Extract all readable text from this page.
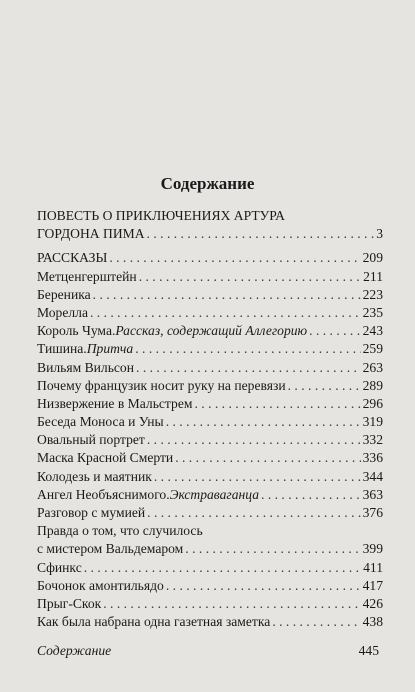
Содержание
ПОВЕСТЬ О ПРИКЛЮЧЕНИЯХ АРТУРА
ГОРДОНА ПИМА . . .	3
РАССКАЗЫ . . .	209
Метценгерштейн . . .	211
Береника . . .	223
Морелла . . .	235
Король Чума. Рассказ, содержащий Аллегорию . . .	243
Тишина. Притча . . .	259
Вильям Вильсон . . .	263
Почему французик носит руку на перевязи . . .	289
Низвержение в Мальстрем . . .	296
Беседа Моноса и Уны . . .	319
Овальный портрет . . .	332
Маска Красной Смерти . . .	336
Колодезь и маятник . . .	344
Ангел Необъяснимого. Экстраваганца . . .	363
Разговор с мумией . . .	376
Правда о том, что случилось
с мистером Вальдемаром . . .	399
Сфинкс . . .	411
Бочонок амонтильядо . . .	417
Прыг-Скок . . .	426
Как была набрана одна газетная заметка . . .	438
Содержание	445
